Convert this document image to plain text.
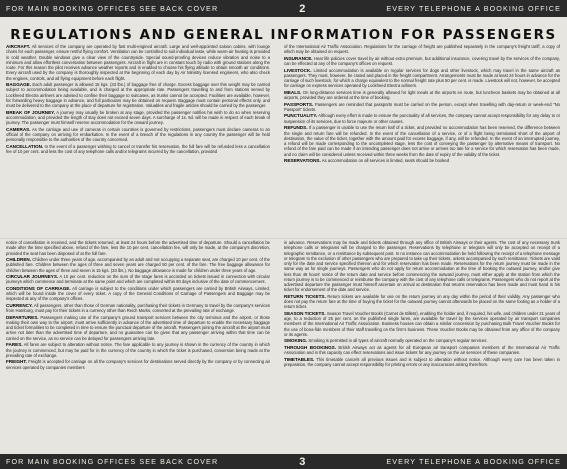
FOR MAIN BOOKING OFFICES SEE BACK COVER	2	EVERY TELEPHONE A BOOKING OFFICE
REGULATIONS AND GENERAL INFORMATION FOR PASSENGERS

AIRCRAFT. All services of the company are operated by fast multi-engined aircraft. Large and well-appointed saloon cabins, with lounge chairs for each passenger, ensure restful flying comfort. Ventilation can be controlled to suit individual taste, while warm-air heating is provided in cold weather. Double windows give a clear view of the countryside. Special sound-proofing devices reduce vibration and noise to a minimum and allow effortless conversation between passengers. Aircraft in flight are in constant touch by radio with ground stations along the route. For this reason the pilot receives advance weather reports and is enabled to choose his flying altitude to obtain smooth air conditions. Every aircraft used by the company is thoroughly inspected at the beginning of each day by Air Ministry licensed engineers, who also check the engines, controls, and all flying equipment before each flight.

BAGGAGE. Each adult passenger is allowed 15 kgs. (33 lbs.) of baggage free of charge. Excess baggage over this weight may be carried subject to accommodation being available, and is charged at the appropriate rate. Passengers travelling to and from stations served by Lockheed Electra airliners are advised to confine their baggage to suitcases, as trunks cannot be accepted. Facilities are available, however, for forwarding heavy baggage in advance, and full particulars may be obtained on request. Baggage must contain personal effects only, and must be delivered to the company at the place of departure for registration. Valuables and fragile articles should be carried by the passenger.

BREAK OF JOURNEY. A journey may usually be broken at any stage, provided the passenger notifies his wish to do so when reserving accommodation, and provided the length of stay does not exceed seven days. A surcharge of 1s. 6d. will be made in respect of each break of journey. The passenger must himself reserve accommodation for the onward journey.

CAMERAS. As the carriage and use of cameras in certain countries is governed by restrictions, passengers must declare cameras to an official of the company on arriving for embarkation. In the event of a breach of the regulations in any country the passenger will be held personally responsible to the authorities of the country concerned.

CANCELLATION. In the event of a passenger wishing to cancel or transfer his reservation, the full fare will be refunded less a cancellation fee of 10 per cent. and less the cost of any telephone calls and/or telegrams incurred by the cancellation, provided

of the International Air Traffic Association. Regulations for the carriage of freight are published separately in the company's freight tariff, a copy of which may be obtained on request.

INSURANCE. Heat life policies cover travel by air without extra premium, but additional insurance, covering travel by the services of the company, can be effected at any of the company's offices on request.

LIVESTOCK. Limited accommodation is available on regular services for dogs and other livestock, which may travel in the same aircraft as passengers. They must, however, be crated and placed in the freight compartment. Arrangements must be made at least 24 hours in advance for the carriage of such livestock, for which a charge equivalent to the normal freight rate plus 50 per cent. is made. Livestock will not, however, be accepted for carriage on express services operated by Lockheed Electra airliners.

MEALS. On long-distance services time is generally allowed for light meals at the airports en route, but luncheon baskets may be obtained at all airports, provided they are ordered at the time of booking.

PASSPORTS. Passengers are reminded that passports must be carried on the person, except when travelling with day-return or week-end "No Passport" tickets.

PUNCTUALITY. Although every effort is made to ensure the punctuality of all services, the company cannot accept responsibility for any delay to or suspension of its services, due to force majeure or other causes.

REFUNDS. If a passenger is unable to use the return half of a ticket, and provided no accommodation has been reserved, the difference between the single and return fare will be refunded. In the event of the cancellation of a service, or of a flight being terminated short of the airport of destination, the value of the ticket, together with the amount paid for excess baggage, if any, will be refunded. In the event of an interrupted journey, a refund will be made corresponding to the uncompleted stage, less the cost of conveying the passenger by alternative means of transport. No refund of the fare paid can be made if an intending passenger does not arrive or arrives too late for a service for which reservation has been made, and no claim will be considered unless received within three weeks from the date of expiry of the validity of the ticket.

RESERVATIONS. As accommodation on all services is limited, seats should be booked

notice of cancellation is received, and the tickets returned, at least 24 hours before the advertised time of departure. Should a cancellation be made after the time specified above, refund of the fare, less the 10 per cent. cancellation fee, will only be made, at the company's discretion, provided the seat has been disposed of at the full fare.

CHILDREN. Children under three years of age, accompanied by an adult and not occupying a separate seat, are charged 10 per cent. of the published fare. Children between the ages of three and seven years are charged 50 per cent. of the fare. The free baggage allowance for children between the ages of three and seven is 15 kgs. (33 lbs.). No baggage allowance is made for children under three years of age.

CIRCULAR JOURNEYS. A 10 per cent. reduction on the sum of the stage fares is accorded on tickets issued in connection with circular journeys which commence and terminate at the same point and which are completed within 60 days inclusive of the date of commencement.

CONDITIONS OF CARRIAGE. All carriage is subject to the conditions under which passengers are carried by British Airways, Limited, which will be found inside the cover of every ticket. A copy of the General Conditions of Carriage of Passengers and Baggage may be inspected at any of the company's offices.

CURRENCY. All passengers, other than those of German nationality, purchasing their tickets in Germany to travel by the company's services from Hamburg, must pay for their tickets in a currency other than Reich Marks, converted at the prevailing rate of exchange.

DEPARTURES. Passengers making use of the company's ground transport services between the city terminus and the airport, or those making their own way to the airport, must arrive sufficiently in advance of the advertised time of departure to enable the necessary baggage and ticket formalities to be completed in time to ensure the punctual departure of the aircraft. Passengers joining the aircraft at the airport must arrive not later than the advertised time of departure, and no guarantee can be given that any passenger arriving within that time can be carried on the service, as no service can be delayed for passengers arriving late.

FARES. All fares are subject to alteration without notice. The fare applicable to any journey is shown in the currency of the country in which the journey is commenced, but may be paid for in the currency of the country in which the ticket is purchased, conversion being made at the prevailing rate of exchange.

FREIGHT. Freight is accepted for carriage on all the company's services for destinations served directly by the company or by connecting air services operated by companies members

in advance. Reservations may be made and tickets obtained through any office of British Airways or their agents. The cost of any necessary trunk telephone calls or telegrams will be charged to the passenger. Reservations by telephone or telegram will only be accepted on receipt of a telegraphic remittance, or a remittance by subsequent post. In no instance can accommodation be held following the receipt of a telephone message or telegram to the exclusion of other passengers who are prepared to take up their tickets, unless accompanied by such remittance. Tickets are valid only for the date and service specified thereon and for which reservation has been made. Reservations for the return journey must be made in the same way as for single journeys. Passengers who do not apply for return accommodation at the time of booking the outward journey, and/or give less than 48 hours' notice of the return date and service before commencing the outward journey, must either apply at the station from which the return journey is to be commenced or reimburse the company with the cost of any telephone calls or telegrams. Passengers who do not report at the advertised departure the passenger must himself ascertain on arrival at destination that returns reservation has been made and must hand in his ticket for endorsement of the date and service.

RETURN TICKETS. Return tickets are available for use on the return journey on any day within the period of their validity. Any passenger who does not pay the return fare at the time of buying the ticket for the outward journey cannot afterwards be placed on the same footing as a holder of a return ticket.

SEASON TICKETS. Season Travel Voucher Books (Carnet de Billets), enabling the holder and, if required, his wife, and children under 21 years of age, to a reduction of 25 per cent. on the published single fares, are available for travel by the services operated by air transport companies members of the International Air Traffic Association. Business houses can obtain a similar concession by purchasing Bulk Travel Voucher Books for the use of bona-fide members of their staff travelling on the firm's business. These Voucher Books may be obtained from any office of the company or its agents.

SMOKING. Smoking is permitted in all types of aircraft normally operated on the company's regular services.

THROUGH BOOKINGS. British Airways act as agents for all European air transport companies members of the International Air Traffic Association and in this capacity can effect reservations and issue tickets for any journey on the air services of these companies.

TIMETABLES. This timetable cancels all previous issues and is subject to alteration without notice. Although every care has been taken in preparation, the company cannot accept responsibility for printing errors or any inaccuracies arising therefrom.

FOR MAIN BOOKING OFFICES SEE BACK COVER	3	EVERY TELEPHONE A BOOKING OFFICE
